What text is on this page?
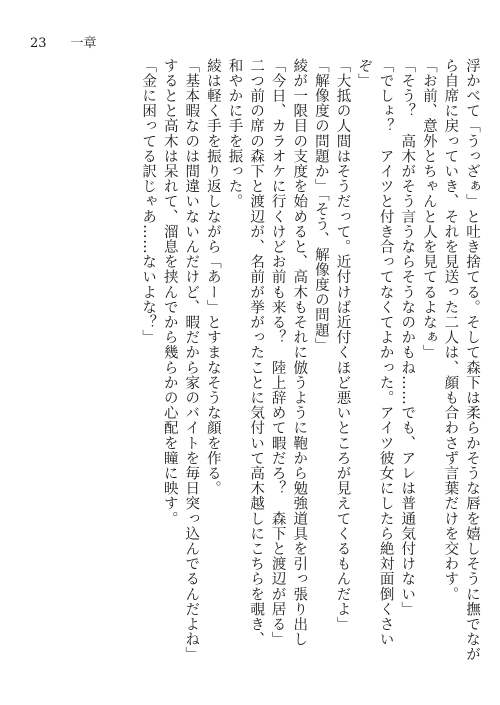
23 一章
浮かべて「うっざぁ」と吐き捨てる。そして森下は柔らかそうな唇を嬉しそうに撫でなが
ら自席に戻っていき、それを見送った二人は、顔も合わさず言葉だけを交わす。
「お前、意外とちゃんと人を見てるよなぁ」
「そう？　高木がそう言うならそうなのかもね……でも、アレは普通気付けない」
「でしょ？　アイツと付き合ってなくてよかった。アイツ彼女にしたら絶対面倒くさい
ぞ」
「大抵の人間はそうだって。近付けば近付くほど悪いところが見えてくるもんだよ」
「解像度の問題か」「そう、解像度の問題」
綾が一限目の支度を始めると、高木もそれに倣うように鞄から勉強道具を引っ張り出し
「今日、カラオケに行くけどお前も来る？　陸上辞めて暇だろ？　森下と渡辺が居る」
二つ前の席の森下と渡辺が、名前が挙がったことに気付いて高木越しにこちらを覗き、
和やかに手を振った。
綾は軽く手を振り返しながら「あー」とすまなそうな顔を作る。
「基本暇なのは間違いないんだけど、暇だから家のバイトを毎日突っ込んでるんだよね」
するとと高木は呆れて、溜息を挟んでから幾らかの心配を瞳に映す。
「金に困ってる訳じゃあ……ないよな？」
